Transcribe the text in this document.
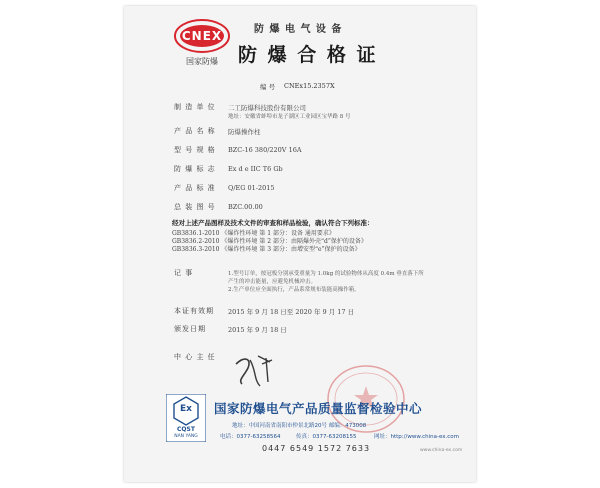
CNEX
国家防爆
防 爆 电 气 设 备
防 爆 合 格 证
编 号 CNEx15.2357X
制 造 单 位 二工防爆科技股份有限公司
地址：安徽省蚌埠市龙子湖区工业园区宝华路 8 号
产 品 名 称 防爆操作柱
型 号 规 格 BZC-16 380/220V 16A
防 爆 标 志 Ex d e IIC T6 Gb
产 品 标 准 Q/EG 01-2015
总 装 图 号 BZC.00.00
经对上述产品图样及技术文件的审查和样品检验，确认符合下列标准：
GB3836.1-2010 《爆炸性环境 第 1 部分：设备 通用要求》
GB3836.2-2010 《爆炸性环境 第 2 部分：由隔爆外壳“d”保护的设备》
GB3836.3-2010 《爆炸性环境 第 3 部分：由增安型“e”保护的设备》
记 事	1.型号订单，按冠板分别承受重量为 1.0kg 的试验物体从高度 0.4m 垂直落下所
产生的冲击能量，应避免机械冲击。
2.生产单位应全面执行，产品系常规布装能高操作箱。
本证有效期 2015 年 9 月 18 日至 2020 年 9 月 17 日
颁发日期	2015 年 9 月 18 日
中 心 主 任
Ex
CQST
NAN YANG
国家防爆电气产品质量监督检验中心
地址：中国河南省南阳市仲景北路20号 邮编：473008
电话：0377-63258564	传真：0377-63208155	网址：http://www.china-ex.com
0447 6549 1572 7633	www.china-ex.com
